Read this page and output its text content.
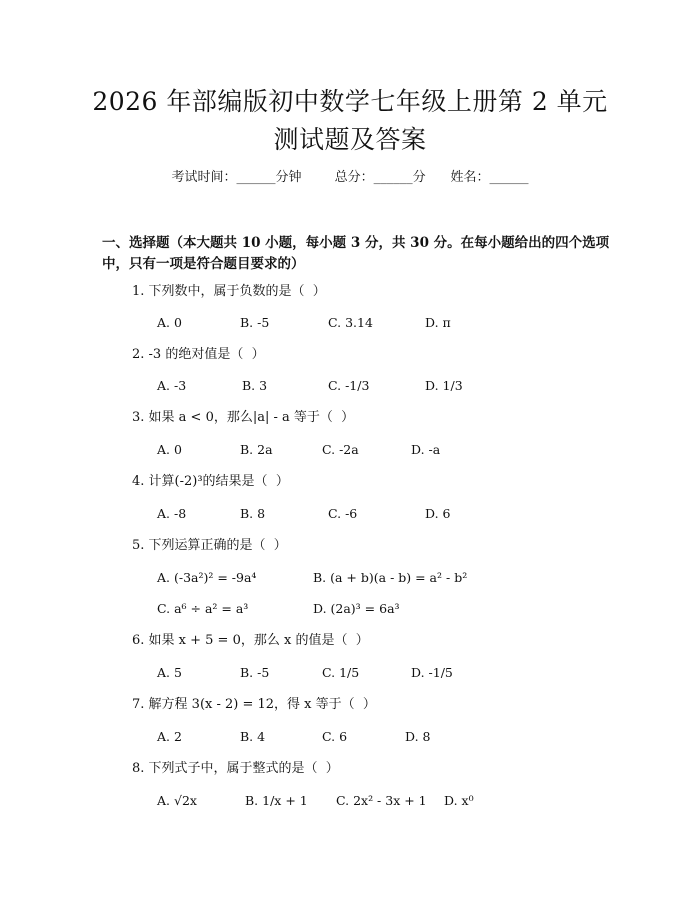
2026 年部编版初中数学七年级上册第 2 单元
测试题及答案
考试时间：______分钟	总分：______分 姓名：______
一、选择题（本大题共 10 小题，每小题 3 分，共 30 分。在每小题给出的四个选项中，只有一项是符合题目要求的）
1. 下列数中，属于负数的是（  ）
A. 0	B. -5	C. 3.14	D. π
2. -3 的绝对值是（  ）
A. -3	B. 3	C. -1/3	D. 1/3
3. 如果 a < 0，那么|a| - a 等于（  ）
A. 0	B. 2a	C. -2a	D. -a
4. 计算(-2)³的结果是（  ）
A. -8	B. 8	C. -6	D. 6
5. 下列运算正确的是（  ）
A. (-3a²)² = -9a⁴	B. (a + b)(a - b) = a² - b²
C. a⁶ ÷ a² = a³	D. (2a)³ = 6a³
6. 如果 x + 5 = 0，那么 x 的值是（  ）
A. 5	B. -5	C. 1/5	D. -1/5
7. 解方程 3(x - 2) = 12，得 x 等于（  ）
A. 2	B. 4	C. 6	D. 8
8. 下列式子中，属于整式的是（  ）
A. √2x	B. 1/x + 1 C. 2x² - 3x + 1 D. x⁰
